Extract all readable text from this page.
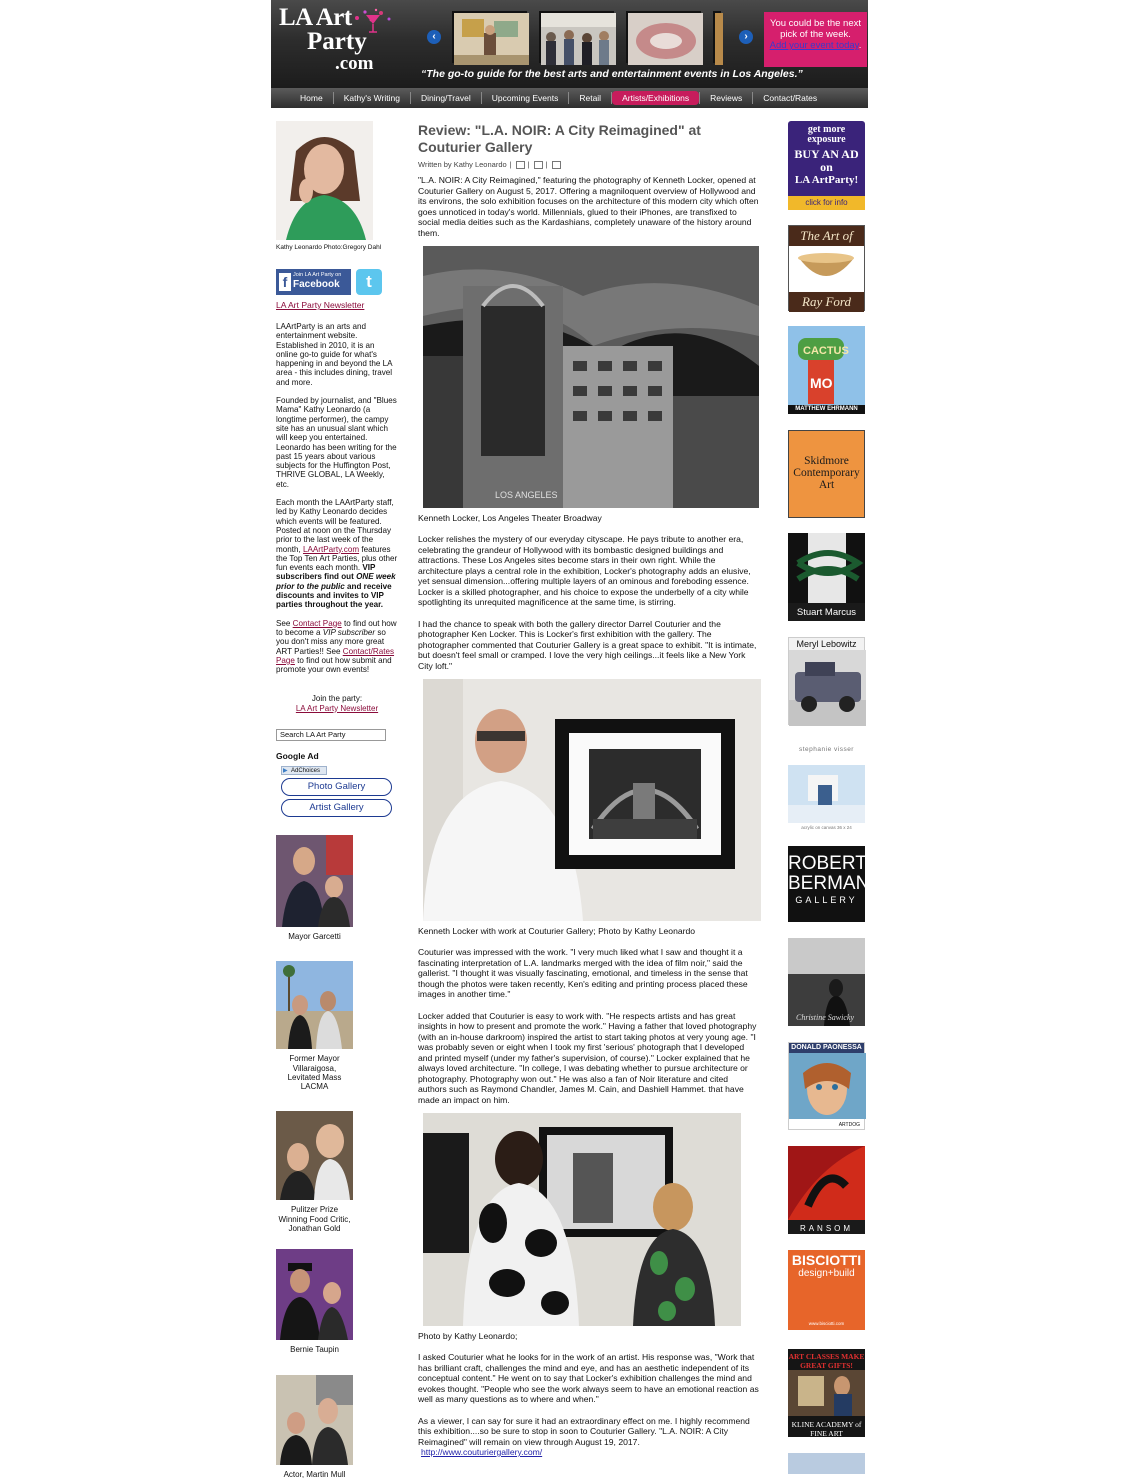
LA Art
Party
.com
‹	›
You could be the next pick of the week.
Add your event today.
“The go-to guide for the best arts and entertainment events in Los Angeles.”
Home	Kathy's Writing	Dining/Travel	Upcoming Events	Retail	Artists/Exhibitions	Reviews	Contact/Rates
Kathy Leonardo Photo:Gregory Dahl
f	Join LA Art Party on
Facebook	t
LA Art Party Newsletter

LAArtParty is an arts and entertainment website. Established in 2010, it is an online go-to guide for what's happening in and beyond the LA area - this includes dining, travel and more.

Founded by journalist, and "Blues Mama" Kathy Leonardo (a longtime performer), the campy site has an unusual slant which will keep you entertained. Leonardo has been writing for the past 15 years about various subjects for the Huffington Post, THRIVE GLOBAL, LA Weekly, etc.

Each month the LAArtParty staff, led by Kathy Leonardo decides which events will be featured. Posted at noon on the Thursday prior to the last week of the month, LAArtParty.com features the Top Ten Art Parties, plus other fun events each month. VIP subscribers find out ONE week prior to the public and receive discounts and invites to VIP parties throughout the year.

See Contact Page to find out how to become a VIP subscriber so you don't miss any more great ART Parties!! See Contact/Rates Page to find out how submit and promote your own events!

Join the party:
LA Art Party Newsletter
Search LA Art Party
Google Ad
▶ AdChoices
Photo Gallery
Artist Gallery
Mayor Garcetti
Former Mayor Villaraigosa, Levitated Mass LACMA
Pulitzer Prize Winning Food Critic, Jonathan Gold
Bernie Taupin
Actor, Martin Mull
Review: "L.A. NOIR: A City Reimagined" at Couturier Gallery
Written by Kathy Leonardo | | |

"L.A. NOIR: A City Reimagined," featuring the photography of Kenneth Locker, opened at Couturier Gallery on August 5, 2017. Offering a magniloquent overview of Hollywood and its environs, the solo exhibition focuses on the architecture of this modern city which often goes unnoticed in today's world. Millennials, glued to their iPhones, are transfixed to social media deities such as the Kardashians, completely unaware of the history around them.

LOS ANGELES
Kenneth Locker, Los Angeles Theater Broadway

Locker relishes the mystery of our everyday cityscape. He pays tribute to another era, celebrating the grandeur of Hollywood with its bombastic designed buildings and attractions. These Los Angeles sites become stars in their own right. While the architecture plays a central role in the exhibition, Locker's photography adds an elusive, yet sensual dimension...offering multiple layers of an ominous and foreboding essence. Locker is a skilled photographer, and his choice to expose the underbelly of a city while spotlighting its unrequited magnificence at the same time, is stirring.

I had the chance to speak with both the gallery director Darrel Couturier and the photographer Ken Locker. This is Locker's first exhibition with the gallery. The photographer commented that Couturier Gallery is a great space to exhibit. "It is intimate, but doesn't feel small or cramped. I love the very high ceilings...it feels like a New York City loft."

Kenneth Locker with work at Couturier Gallery; Photo by Kathy Leonardo

Couturier was impressed with the work. "I very much liked what I saw and thought it a fascinating interpretation of L.A. landmarks merged with the idea of film noir," said the gallerist. "I thought it was visually fascinating, emotional, and timeless in the sense that though the photos were taken recently, Ken's editing and printing process placed these images in another time."

Locker added that Couturier is easy to work with. "He respects artists and has great insights in how to present and promote the work." Having a father that loved photography (with an in-house darkroom) inspired the artist to start taking photos at very young age. "I was probably seven or eight when I took my first 'serious' photograph that I developed and printed myself (under my father's supervision, of course)." Locker explained that he always loved architecture. "In college, I was debating whether to pursue architecture or photography. Photography won out." He was also a fan of Noir literature and cited authors such as Raymond Chandler, James M. Cain, and Dashiell Hammet. that have made an impact on him.

Photo by Kathy Leonardo;

I asked Couturier what he looks for in the work of an artist. His response was, "Work that has brilliant craft, challenges the mind and eye, and has an aesthetic independent of its conceptual content." He went on to say that Locker's exhibition challenges the mind and evokes thought. "People who see the work always seem to have an emotional reaction as well as many questions as to where and when."

As a viewer, I can say for sure it had an extraordinary effect on me. I highly recommend this exhibition....so be sure to stop in soon to Couturier Gallery. "L.A. NOIR: A City Reimagined" will remain on view through August 19, 2017.

http://www.couturiergallery.com/
get more exposure
BUY AN AD on
LA ArtParty!
click for info
The Art of
Ray Ford
CACTUS
MO
MATTHEW EHRMANN
Skidmore Contemporary Art
Stuart Marcus
Meryl Lebowitz
stephanie visser
acrylic on canvas 36 x 24
ROBERT
BERMAN
GALLERY
Christine Sawicky
DONALD PAONESSA
ARTDOG
RANSOM
BISCIOTTI
design+build
www.bisciotti.com
ART CLASSES MAKE GREAT GIFTS!
KLINE ACADEMY of FINE ART
